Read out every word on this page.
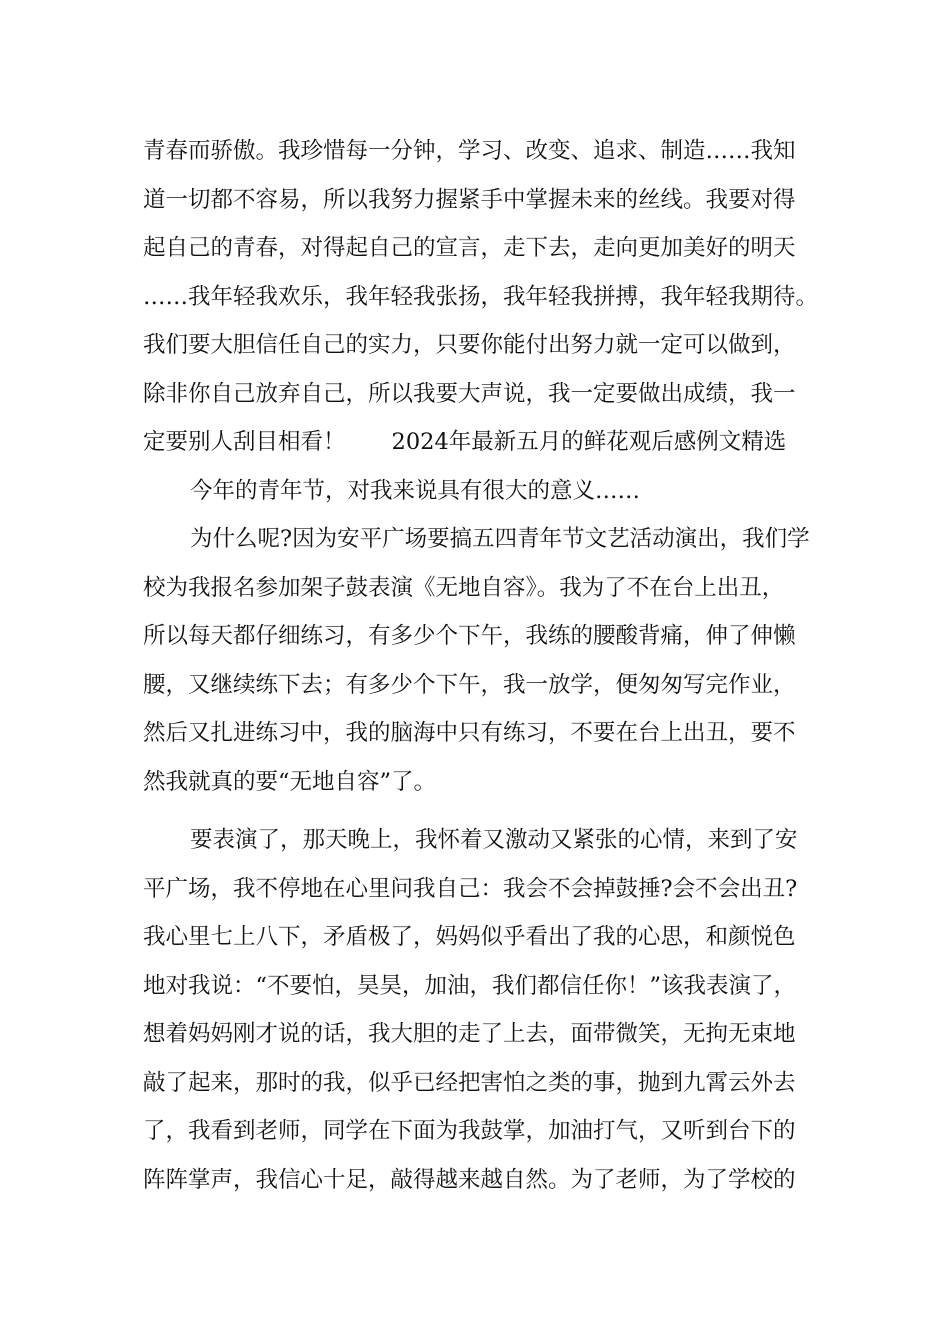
青春而骄傲。我珍惜每一分钟，学习、改变、追求、制造……我知
道一切都不容易，所以我努力握紧手中掌握未来的丝线。我要对得
起自己的青春，对得起自己的宣言，走下去，走向更加美好的明天
……我年轻我欢乐，我年轻我张扬，我年轻我拼搏，我年轻我期待。
我们要大胆信任自己的实力，只要你能付出努力就一定可以做到，
除非你自己放弃自己，所以我要大声说，我一定要做出成绩，我一
定要别人刮目相看！ 2024年最新五月的鲜花观后感例文精选
今年的青年节，对我来说具有很大的意义……
为什么呢?因为安平广场要搞五四青年节文艺活动演出，我们学
校为我报名参加架子鼓表演《无地自容》。我为了不在台上出丑，
所以每天都仔细练习，有多少个下午，我练的腰酸背痛，伸了伸懒
腰，又继续练下去；有多少个下午，我一放学，便匆匆写完作业，
然后又扎进练习中，我的脑海中只有练习，不要在台上出丑，要不
然我就真的要“无地自容”了。
要表演了，那天晚上，我怀着又激动又紧张的心情，来到了安
平广场，我不停地在心里问我自己：我会不会掉鼓捶?会不会出丑?
我心里七上八下，矛盾极了，妈妈似乎看出了我的心思，和颜悦色
地对我说：“不要怕，昊昊，加油，我们都信任你！”该我表演了，
想着妈妈刚才说的话，我大胆的走了上去，面带微笑，无拘无束地
敲了起来，那时的我，似乎已经把害怕之类的事，抛到九霄云外去
了，我看到老师，同学在下面为我鼓掌，加油打气，又听到台下的
阵阵掌声，我信心十足，敲得越来越自然。为了老师，为了学校的
